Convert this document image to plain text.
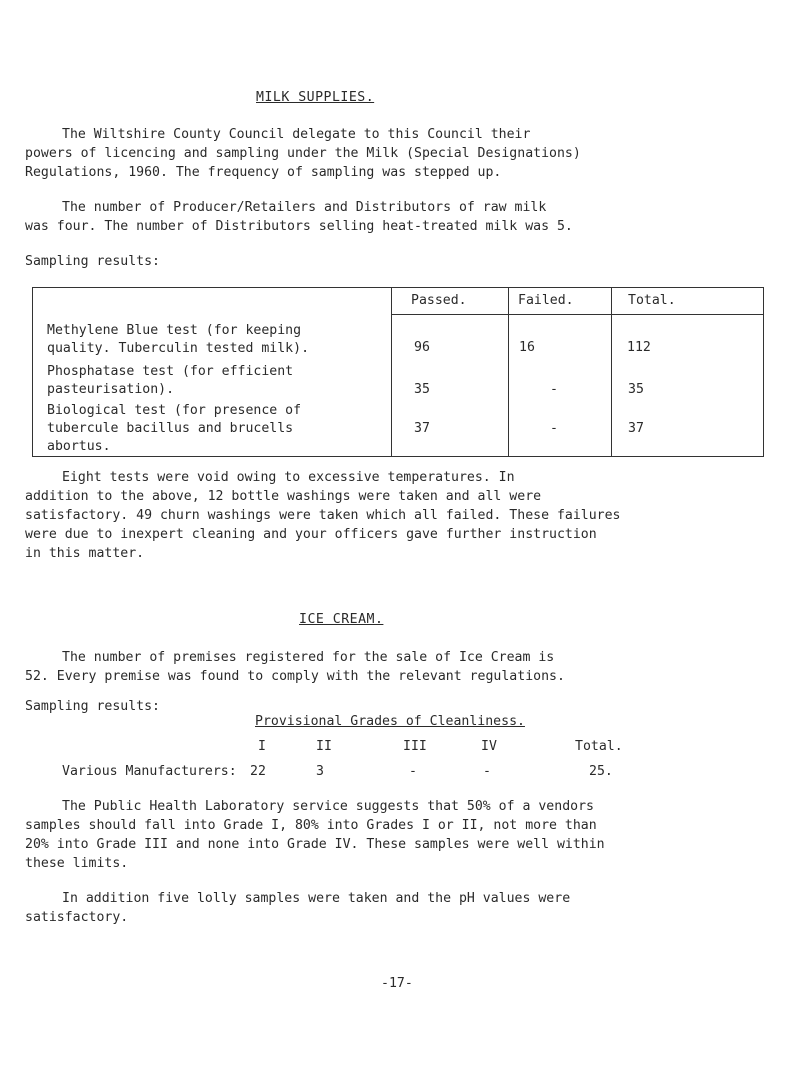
MILK SUPPLIES.
The Wiltshire County Council delegate to this Council their
powers of licencing and sampling under the Milk (Special Designations)
Regulations, 1960. The frequency of sampling was stepped up.
The number of Producer/Retailers and Distributors of raw milk
was four. The number of Distributors selling heat-treated milk was 5.
Sampling results:
Passed.	Failed.	Total.
Methylene Blue test (for keeping
quality. Tuberculin tested milk).	96	16	112
Phosphatase test (for efficient
pasteurisation).	35	-	35
Biological test (for presence of
tubercule bacillus and brucells
abortus.
37	-	37
Eight tests were void owing to excessive temperatures. In
addition to the above, 12 bottle washings were taken and all were
satisfactory. 49 churn washings were taken which all failed. These failures
were due to inexpert cleaning and your officers gave further instruction
in this matter.
ICE CREAM.
The number of premises registered for the sale of Ice Cream is
52. Every premise was found to comply with the relevant regulations.
Sampling results:
Provisional Grades of Cleanliness.
I	II	III	IV	Total.
Various Manufacturers: 22	3	-	-	25.
The Public Health Laboratory service suggests that 50% of a vendors
samples should fall into Grade I, 80% into Grades I or II, not more than
20% into Grade III and none into Grade IV. These samples were well within
these limits.
In addition five lolly samples were taken and the pH values were
satisfactory.
-17-
